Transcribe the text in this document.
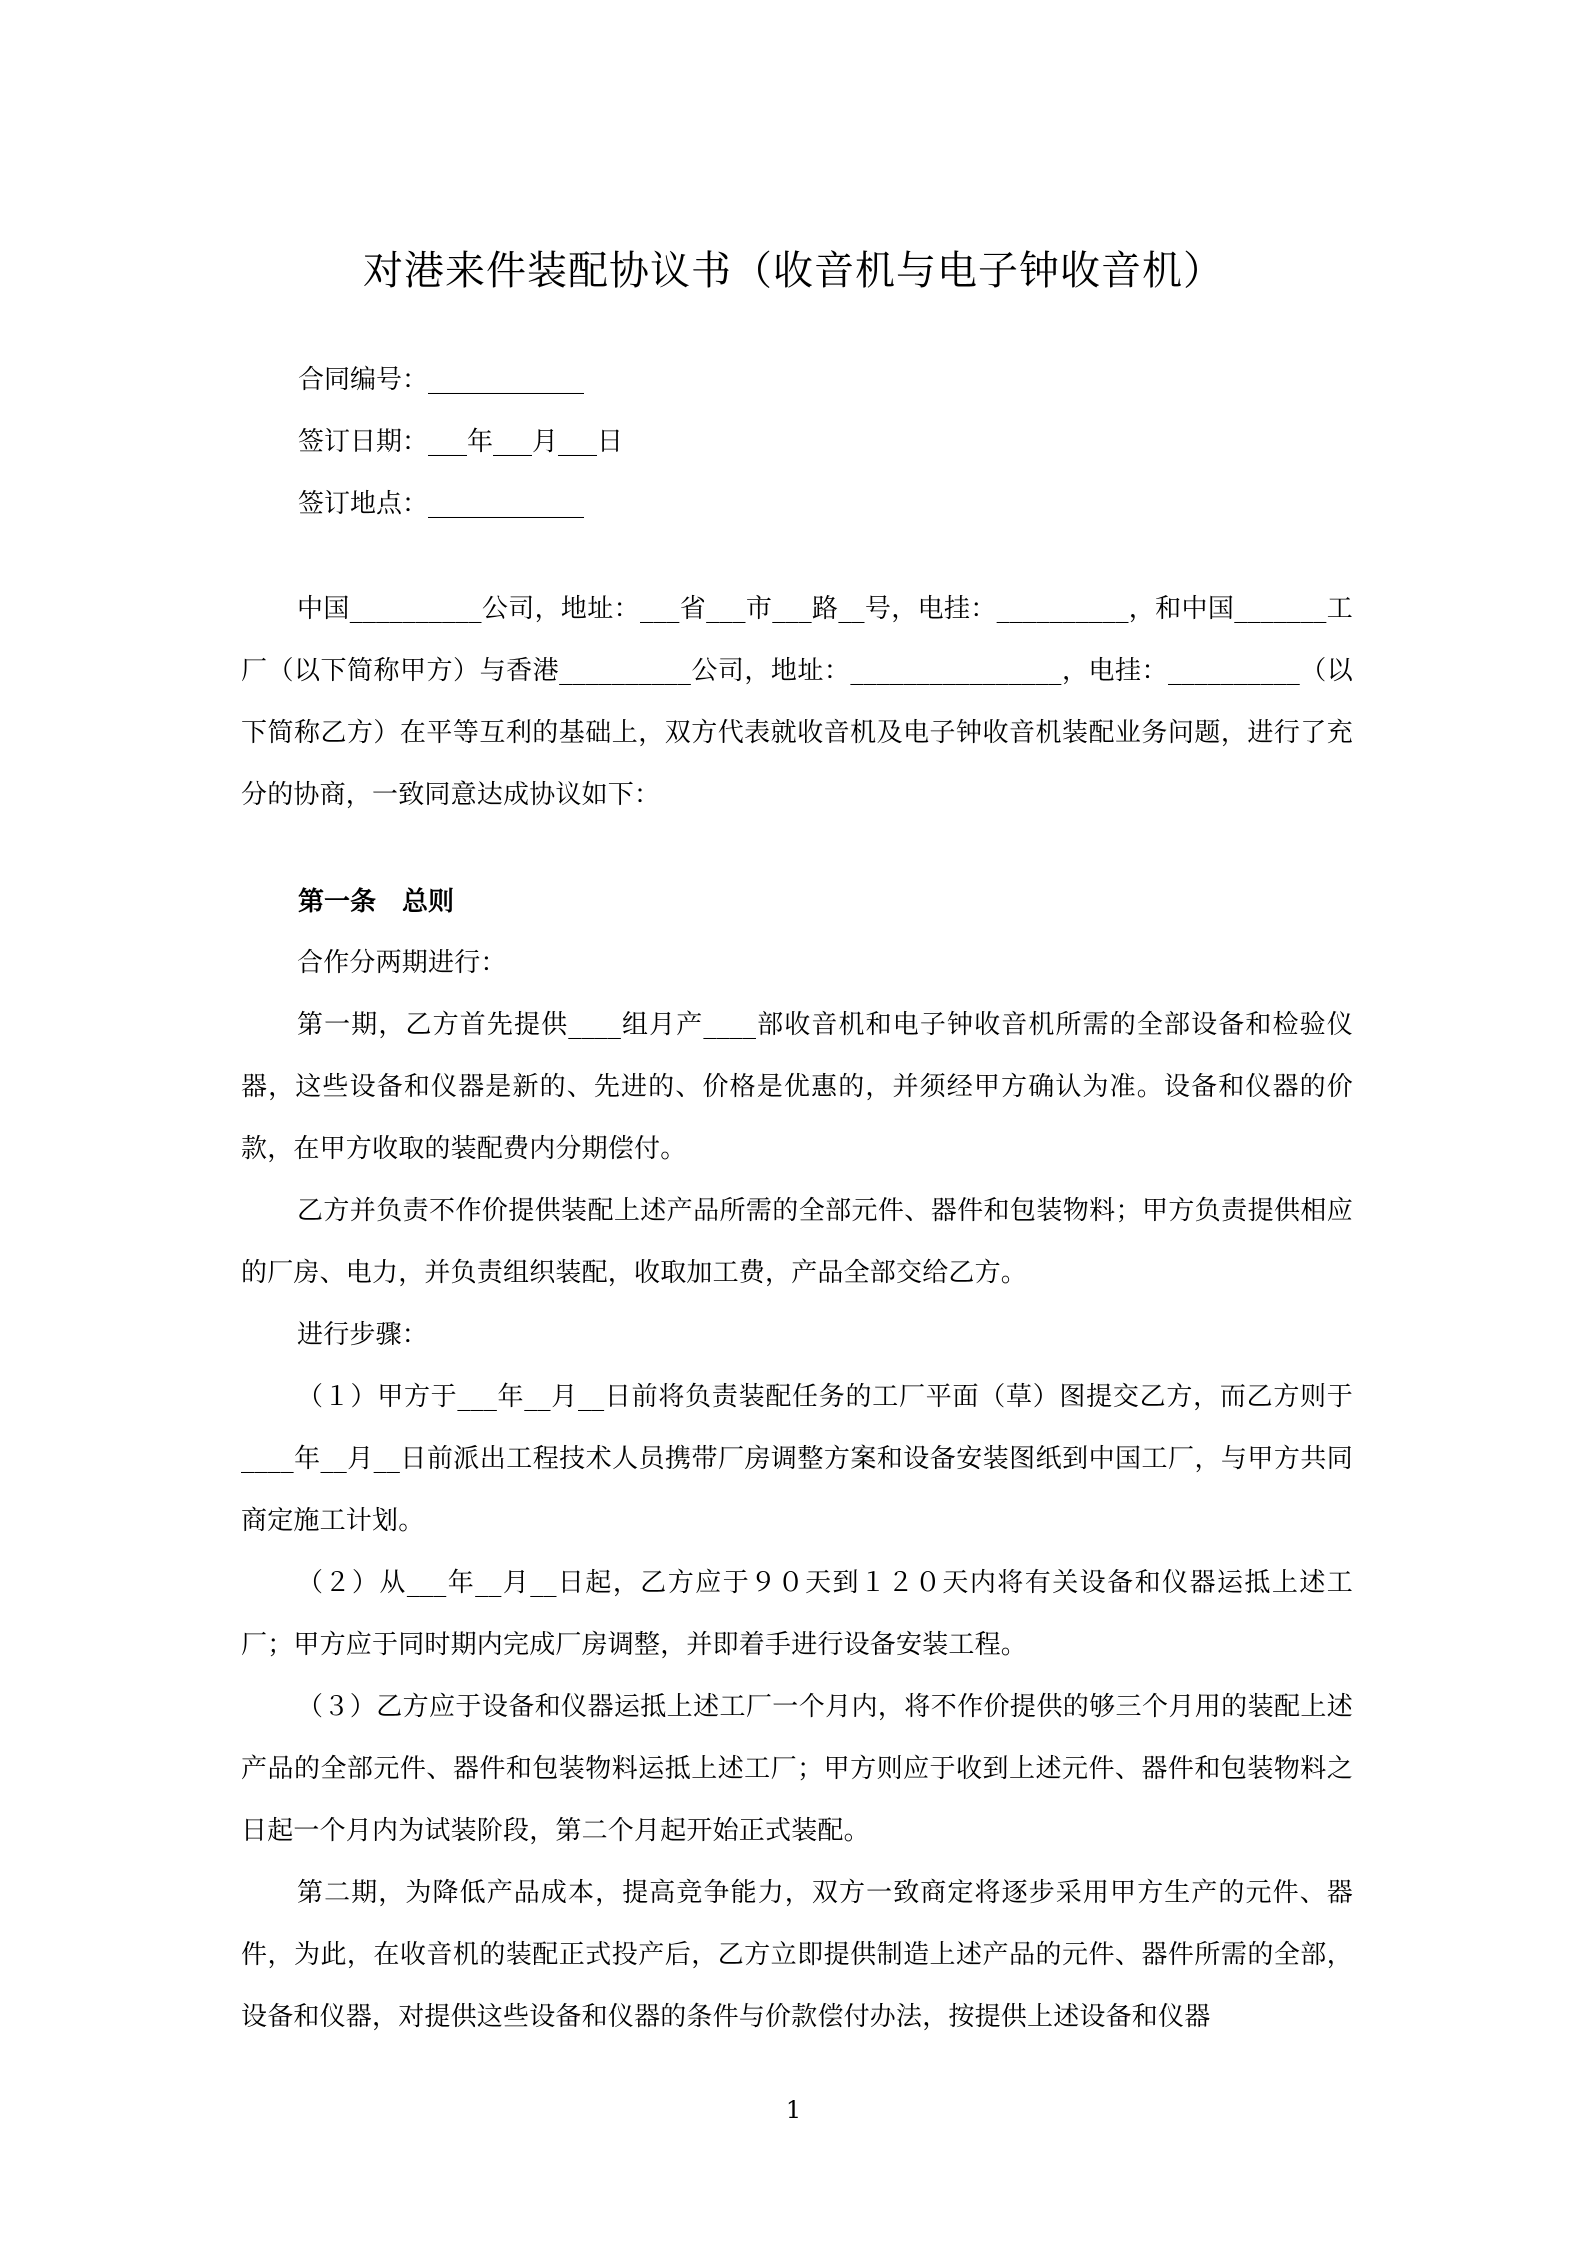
对港来件装配协议书（收音机与电子钟收音机）
合同编号：____________
签订日期：___年___月___日
签订地点：____________

中国__________公司，地址：___省___市___路__号，电挂：__________，和中国_______工厂（以下简称甲方）与香港__________公司，地址：________________，电挂：__________（以下简称乙方）在平等互利的基础上，双方代表就收音机及电子钟收音机装配业务问题，进行了充分的协商，一致同意达成协议如下：

第一条　总则

合作分两期进行：

第一期，乙方首先提供____组月产____部收音机和电子钟收音机所需的全部设备和检验仪器，这些设备和仪器是新的、先进的、价格是优惠的，并须经甲方确认为准。设备和仪器的价款，在甲方收取的装配费内分期偿付。

乙方并负责不作价提供装配上述产品所需的全部元件、器件和包装物料；甲方负责提供相应的厂房、电力，并负责组织装配，收取加工费，产品全部交给乙方。

进行步骤：

（１）甲方于___年__月__日前将负责装配任务的工厂平面（草）图提交乙方，而乙方则于____年__月__日前派出工程技术人员携带厂房调整方案和设备安装图纸到中国工厂，与甲方共同商定施工计划。

（２）从___年__月__日起，乙方应于９０天到１２０天内将有关设备和仪器运抵上述工厂；甲方应于同时期内完成厂房调整，并即着手进行设备安装工程。

（３）乙方应于设备和仪器运抵上述工厂一个月内，将不作价提供的够三个月用的装配上述产品的全部元件、器件和包装物料运抵上述工厂；甲方则应于收到上述元件、器件和包装物料之日起一个月内为试装阶段，第二个月起开始正式装配。

第二期，为降低产品成本，提高竞争能力，双方一致商定将逐步采用甲方生产的元件、器件，为此，在收音机的装配正式投产后，乙方立即提供制造上述产品的元件、器件所需的全部，设备和仪器，对提供这些设备和仪器的条件与价款偿付办法，按提供上述设备和仪器

1
